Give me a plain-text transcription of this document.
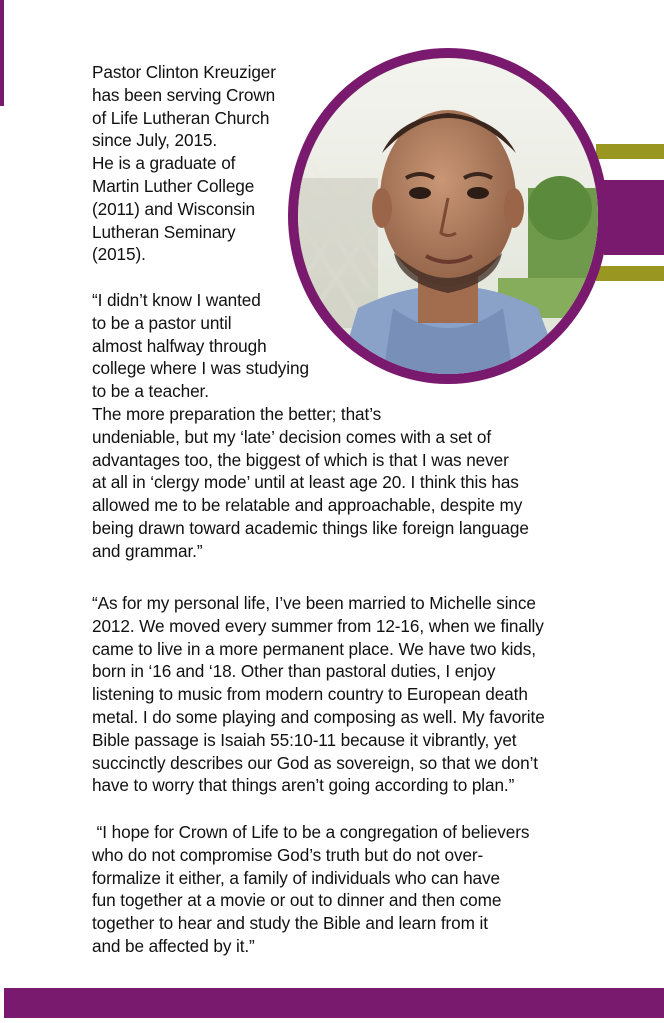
Pastor Clinton Kreuziger
has been serving Crown
of Life Lutheran Church
since July, 2015.
He is a graduate of
Martin Luther College
(2011) and Wisconsin
Lutheran Seminary
(2015).
“I didn’t know I wanted
to be a pastor until
almost halfway through
college where I was studying
to be a teacher.
The more preparation the better; that’s
undeniable, but my ‘late’ decision comes with a set of
advantages too, the biggest of which is that I was never
at all in ‘clergy mode’ until at least age 20. I think this has
allowed me to be relatable and approachable, despite my
being drawn toward academic things like foreign language
and grammar.”
“As for my personal life, I’ve been married to Michelle since
2012. We moved every summer from 12-16, when we finally
came to live in a more permanent place. We have two kids,
born in ‘16 and ‘18. Other than pastoral duties, I enjoy
listening to music from modern country to European death
metal. I do some playing and composing as well. My favorite
Bible passage is Isaiah 55:10-11 because it vibrantly, yet
succinctly describes our God as sovereign, so that we don’t
have to worry that things aren’t going according to plan.”
“I hope for Crown of Life to be a congregation of believers
who do not compromise God’s truth but do not over-
formalize it either, a family of individuals who can have
fun together at a movie or out to dinner and then come
together to hear and study the Bible and learn from it
and be affected by it.”
